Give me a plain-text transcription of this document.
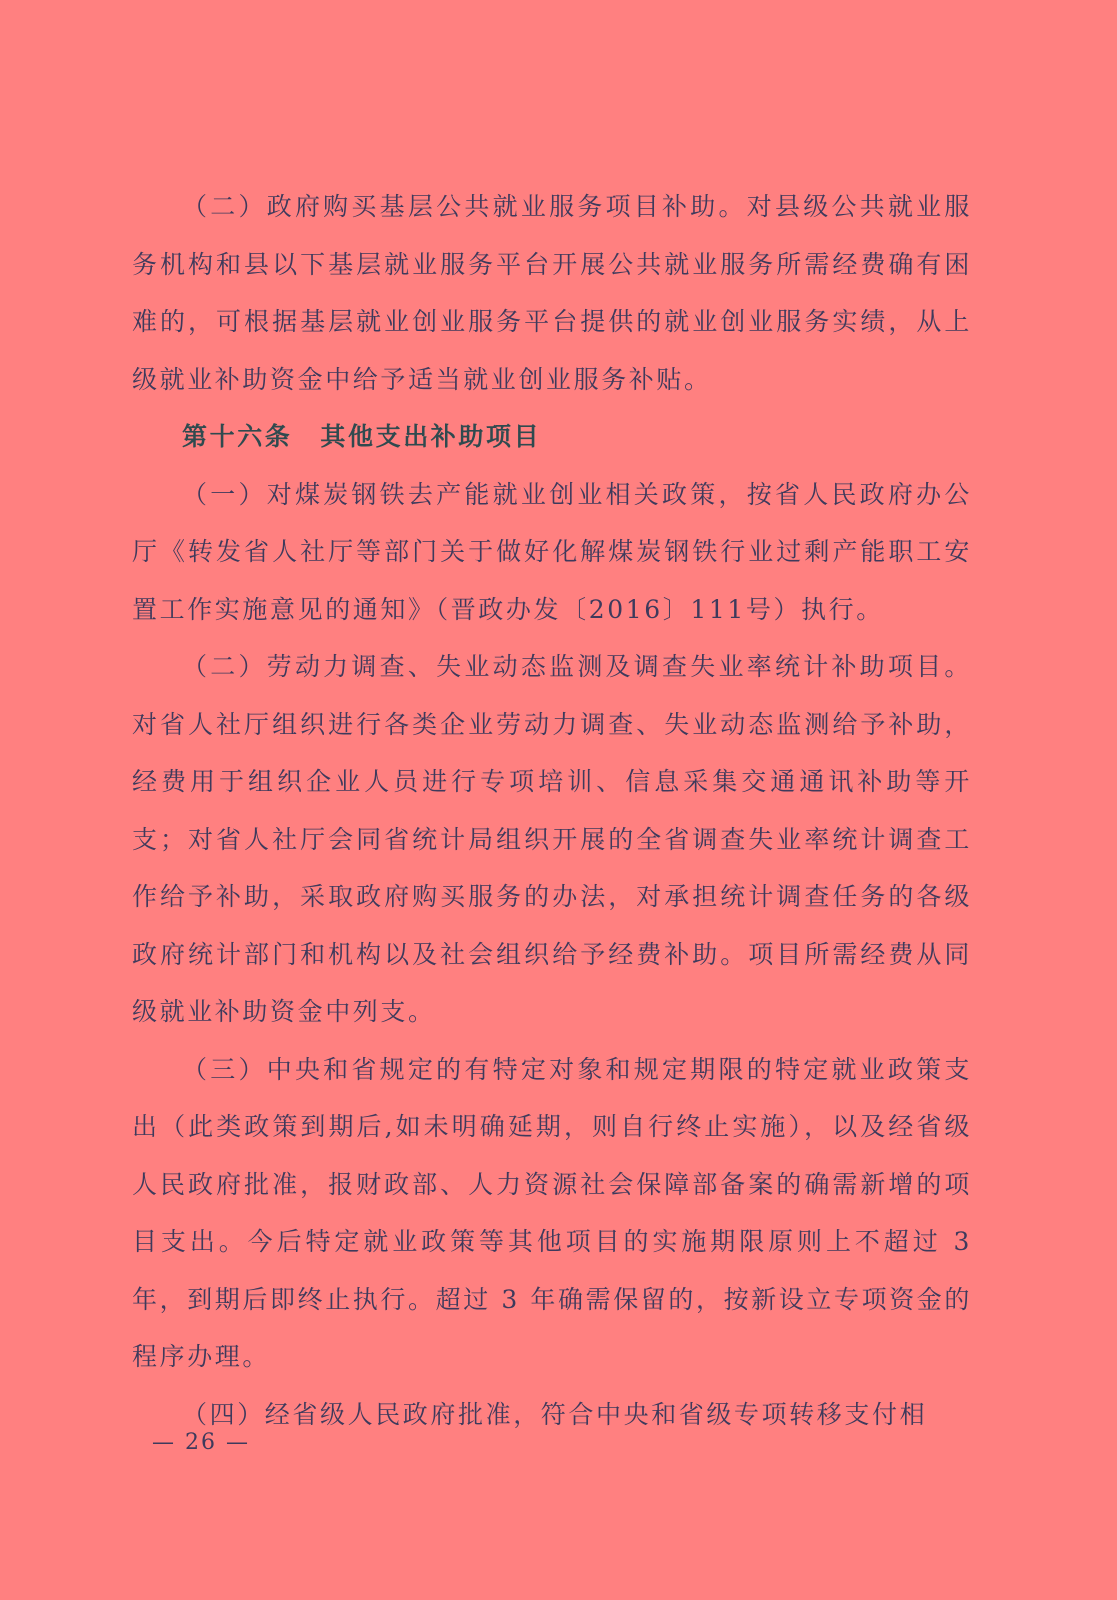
（二）政府购买基层公共就业服务项目补助。对县级公共就业服务机构和县以下基层就业服务平台开展公共就业服务所需经费确有困难的，可根据基层就业创业服务平台提供的就业创业服务实绩，从上级就业补助资金中给予适当就业创业服务补贴。

第十六条 其他支出补助项目

（一）对煤炭钢铁去产能就业创业相关政策，按省人民政府办公厅《转发省人社厅等部门关于做好化解煤炭钢铁行业过剩产能职工安置工作实施意见的通知》（晋政办发〔2016〕111号）执行。

（二）劳动力调查、失业动态监测及调查失业率统计补助项目。对省人社厅组织进行各类企业劳动力调查、失业动态监测给予补助，经费用于组织企业人员进行专项培训、信息采集交通通讯补助等开支；对省人社厅会同省统计局组织开展的全省调查失业率统计调查工作给予补助，采取政府购买服务的办法，对承担统计调查任务的各级政府统计部门和机构以及社会组织给予经费补助。项目所需经费从同级就业补助资金中列支。

（三）中央和省规定的有特定对象和规定期限的特定就业政策支出（此类政策到期后,如未明确延期，则自行终止实施），以及经省级人民政府批准，报财政部、人力资源社会保障部备案的确需新增的项目支出。今后特定就业政策等其他项目的实施期限原则上不超过 3 年，到期后即终止执行。超过 3 年确需保留的，按新设立专项资金的程序办理。

（四）经省级人民政府批准，符合中央和省级专项转移支付相

— 26 —
